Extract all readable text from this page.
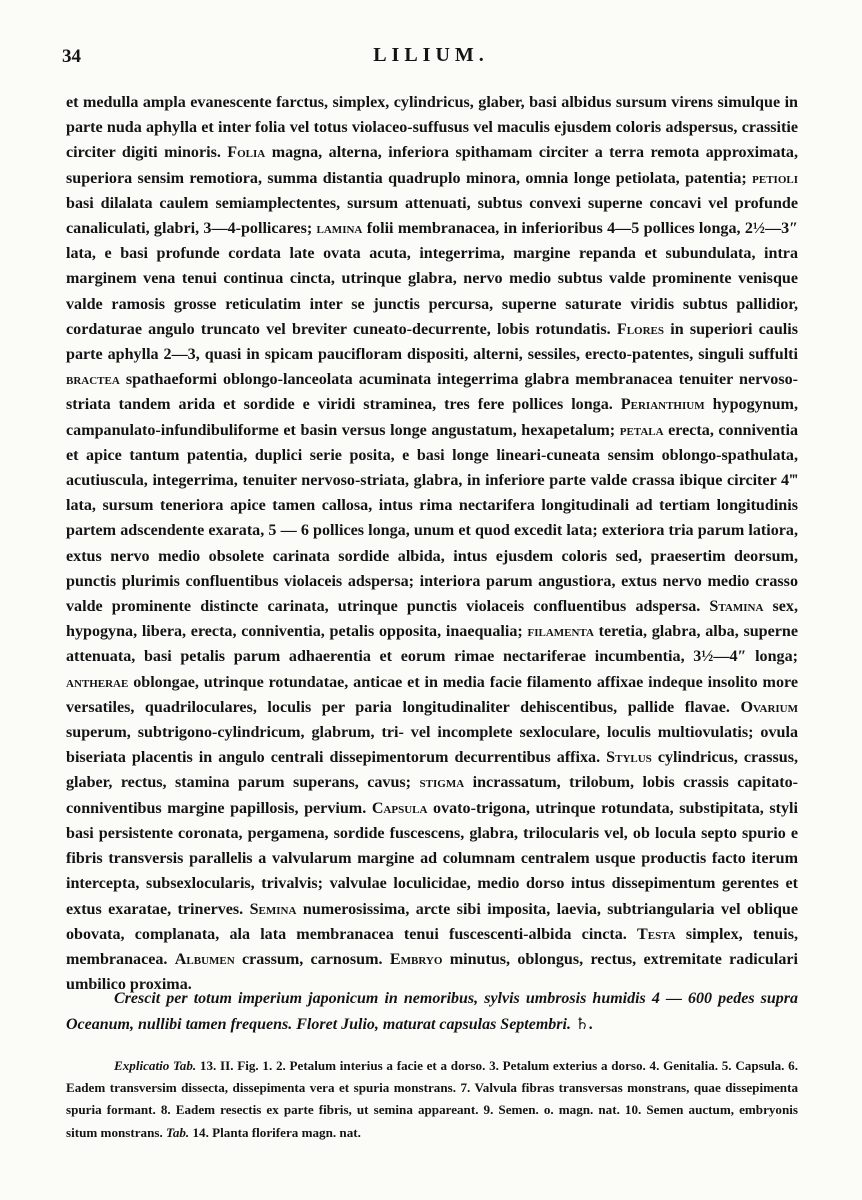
34	LILIUM.

et medulla ampla evanescente farctus, simplex, cylindricus, glaber, basi albidus sursum virens simulque in parte nuda aphylla et inter folia vel totus violaceo-suffusus vel maculis ejusdem coloris adspersus, crassitie circiter digiti minoris. Folia magna, alterna, inferiora spithamam circiter a terra remota approximata, superiora sensim remotiora, summa distantia quadruplo minora, omnia longe petiolata, patentia; petioli basi dilalata caulem semiamplectentes, sursum attenuati, subtus convexi superne concavi vel profunde canaliculati, glabri, 3—4-pollicares; lamina folii membranacea, in inferioribus 4—5 pollices longa, 2½—3″ lata, e basi profunde cordata late ovata acuta, integerrima, margine repanda et subundulata, intra marginem vena tenui continua cincta, utrinque glabra, nervo medio subtus valde prominente venisque valde ramosis grosse reticulatim inter se junctis percursa, superne saturate viridis subtus pallidior, cordaturae angulo truncato vel breviter cuneato-decurrente, lobis rotundatis. Flores in superiori caulis parte aphylla 2—3, quasi in spicam paucifloram dispositi, alterni, sessiles, erecto-patentes, singuli suffulti bractea spathaeformi oblongo-lanceolata acuminata integerrima glabra membranacea tenuiter nervoso-striata tandem arida et sordide e viridi straminea, tres fere pollices longa. Perianthium hypogynum, campanulato-infundibuliforme et basin versus longe angustatum, hexapetalum; petala erecta, conniventia et apice tantum patentia, duplici serie posita, e basi longe lineari-cuneata sensim oblongo-spathulata, acutiuscula, integerrima, tenuiter nervoso-striata, glabra, in inferiore parte valde crassa ibique circiter 4‴ lata, sursum teneriora apice tamen callosa, intus rima nectarifera longitudinali ad tertiam longitudinis partem adscendente exarata, 5 — 6 pollices longa, unum et quod excedit lata; exteriora tria parum latiora, extus nervo medio obsolete carinata sordide albida, intus ejusdem coloris sed, praesertim deorsum, punctis plurimis confluentibus violaceis adspersa; interiora parum angustiora, extus nervo medio crasso valde prominente distincte carinata, utrinque punctis violaceis confluentibus adspersa. Stamina sex, hypogyna, libera, erecta, conniventia, petalis opposita, inaequalia; filamenta teretia, glabra, alba, superne attenuata, basi petalis parum adhaerentia et eorum rimae nectariferae incumbentia, 3½—4″ longa; antherae oblongae, utrinque rotundatae, anticae et in media facie filamento affixae indeque insolito more versatiles, quadriloculares, loculis per paria longitudinaliter dehiscentibus, pallide flavae. Ovarium superum, subtrigono-cylindricum, glabrum, tri- vel incomplete sexloculare, loculis multiovulatis; ovula biseriata placentis in angulo centrali dissepimentorum decurrentibus affixa. Stylus cylindricus, crassus, glaber, rectus, stamina parum superans, cavus; stigma incrassatum, trilobum, lobis crassis capitato-conniventibus margine papillosis, pervium. Capsula ovato-trigona, utrinque rotundata, substipitata, styli basi persistente coronata, pergamena, sordide fuscescens, glabra, trilocularis vel, ob locula septo spurio e fibris transversis parallelis a valvularum margine ad columnam centralem usque productis facto iterum intercepta, subsexlocularis, trivalvis; valvulae loculicidae, medio dorso intus dissepimentum gerentes et extus exaratae, trinerves. Semina numerosissima, arcte sibi imposita, laevia, subtriangularia vel oblique obovata, complanata, ala lata membranacea tenui fuscescenti-albida cincta. Testa simplex, tenuis, membranacea. Albumen crassum, carnosum. Embryo minutus, oblongus, rectus, extremitate radiculari umbilico proxima.

Crescit per totum imperium japonicum in nemoribus, sylvis umbrosis humidis 4 — 600 pedes supra Oceanum, nullibi tamen frequens. Floret Julio, maturat capsulas Septembri. ♄.

Explicatio Tab. 13. II. Fig. 1. 2. Petalum interius a facie et a dorso. 3. Petalum exterius a dorso. 4. Genitalia. 5. Capsula. 6. Eadem transversim dissecta, dissepimenta vera et spuria monstrans. 7. Valvula fibras transversas monstrans, quae dissepimenta spuria formant. 8. Eadem resectis ex parte fibris, ut semina appareant. 9. Semen. o. magn. nat. 10. Semen auctum, embryonis situm monstrans. Tab. 14. Planta florifera magn. nat.
